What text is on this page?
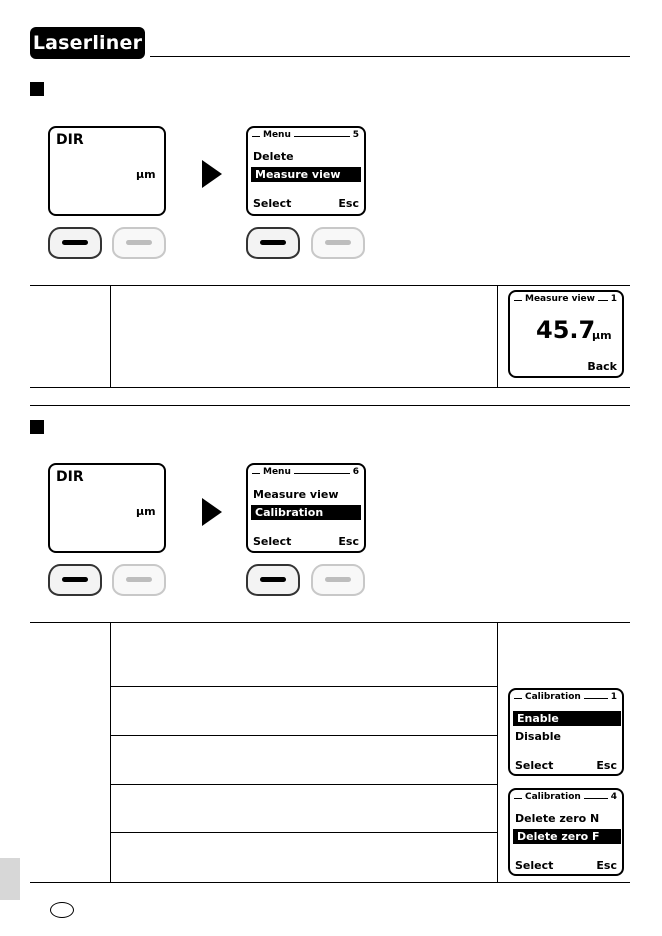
Laserliner
DIR
µm
Menu	5
Delete
Measure view
Select	Esc
Measure view	1
45.7
µm
Back
DIR
µm
Menu	6
Measure view
Calibration
Select	Esc
Calibration	1
Enable
Disable
Select	Esc
Calibration	4
Delete zero N
Delete zero F
Select	Esc
